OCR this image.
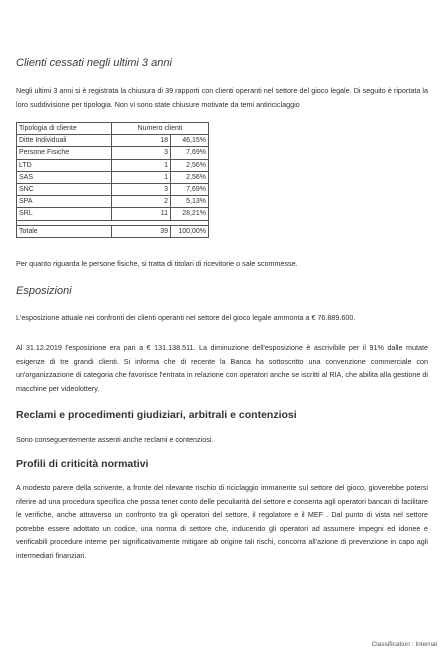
Clienti cessati negli ultimi 3 anni

Negli ultimi 3 anni si è registrata la chiusura di 39 rapporti con clienti operanti nel settore del gioco legale. Di seguito è riportata la loro suddivisione per tipologia. Non vi sono state chiusure motivate da temi antiriciclaggio

Tipologia di cliente	Numero clienti	
Ditte Individuali	18	46,15%
Persone Fisiche	3	7,69%
LTD	1	2,56%
SAS	1	2,56%
SNC	3	7,69%
SPA	2	5,13%
SRL	11	28,21%

Totale	39	100,00%

Per quanto riguarda le persone fisiche, si tratta di titolari di ricevitorie o sale scommesse.

Esposizioni

L'esposizione attuale nei confronti dei clienti operanti nel settore del gioco legale ammonta a € 76.889.600.

Al 31.12.2019 l'esposizione era pari a € 131.138.511. La diminuzione dell'esposizione è ascrivibile per il 91% dalle mutate esigenze di tre grandi clienti. Si informa che di recente la Banca ha sottoscritto una convenzione commerciale con un'organizzazione di categoria che favorisce l'entrata in relazione con operatori anche se iscritti al RIA, che abilita alla gestione di macchine per videolottery.

Reclami e procedimenti giudiziari, arbitrali e contenziosi

Sono conseguentemente assenti anche reclami e contenziosi.

Profili di criticità normativi

A modesto parere della scrivente, a fronte del rilevante rischio di riciclaggio immanente sul settore del gioco, gioverebbe potersi riferire ad una procedura specifica che possa tener conto delle peculiarità del settore e consenta agli operatori bancari di facilitare le verifiche, anche attraverso un confronto tra gli operatori del settore, il regolatore e il MEF . Dal punto di vista nel settore potrebbe essere adottato un codice, una norma di settore che, inducendo gli operatori ad assumere impegni ed idonee e verificabili procedure interne per significativamente mitigare ab origine tali rischi, concorra all'azione di prevenzione in capo agli intermediari finanziari.

Classification : Internal
